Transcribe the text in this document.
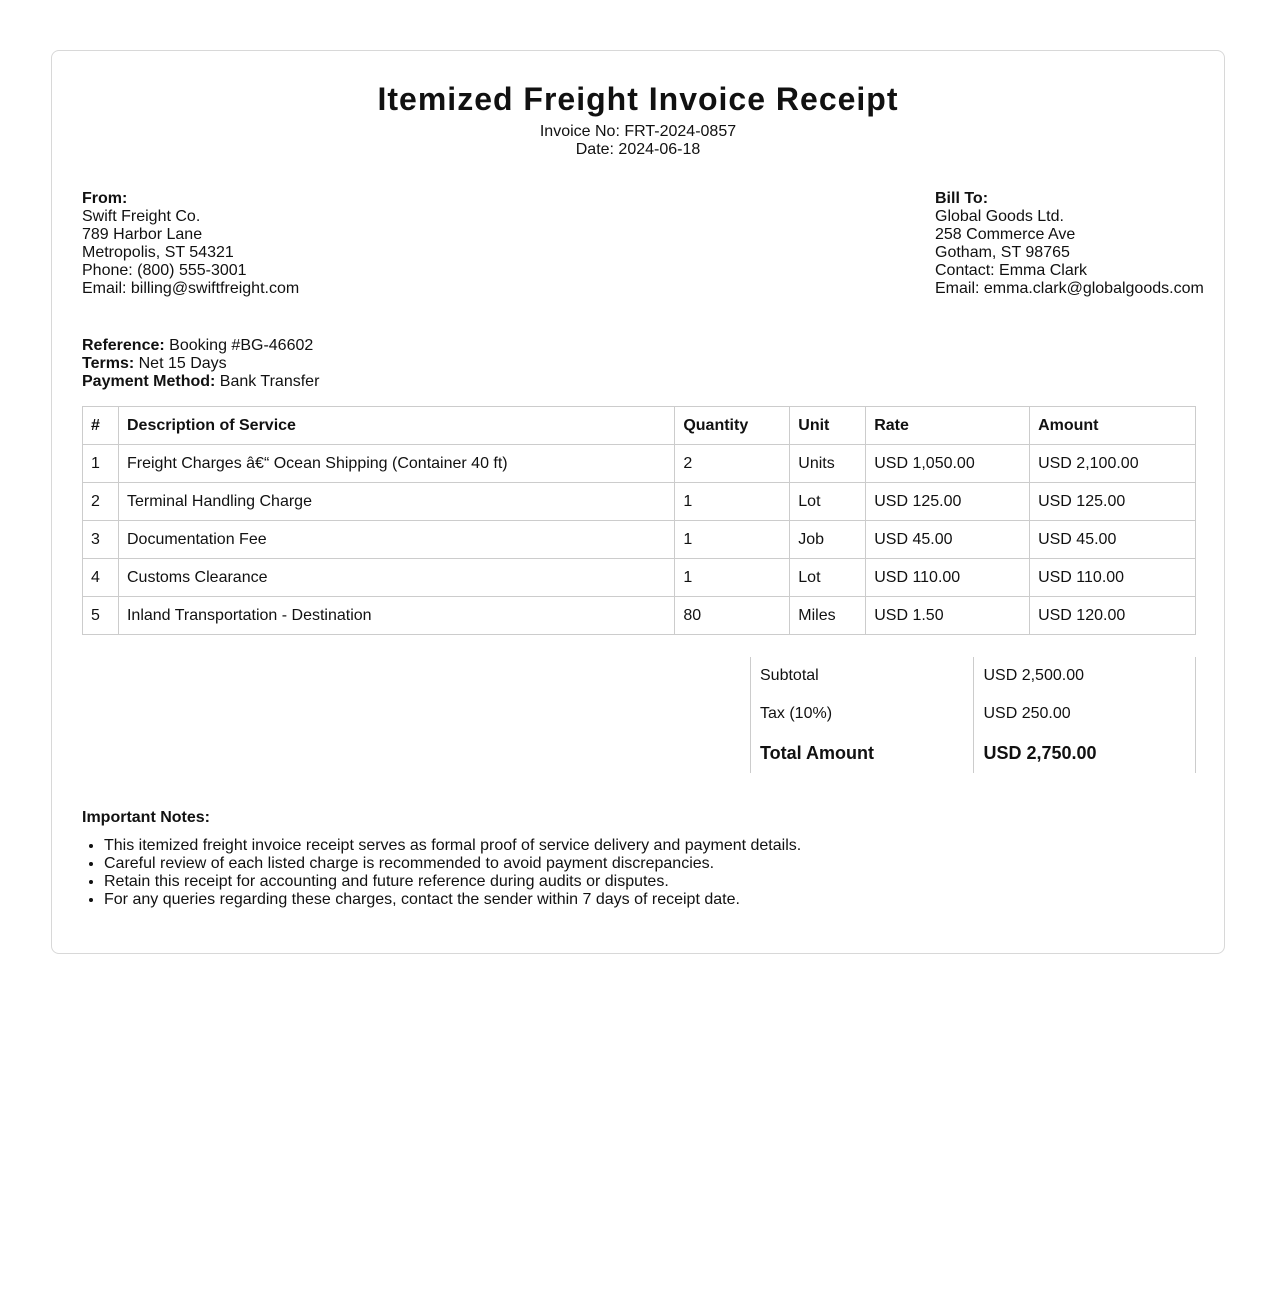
Itemized Freight Invoice Receipt
Invoice No: FRT-2024-0857
Date: 2024-06-18
From:
Swift Freight Co.
789 Harbor Lane
Metropolis, ST 54321
Phone: (800) 555-3001
Email: billing@swiftfreight.com
Bill To:
Global Goods Ltd.
258 Commerce Ave
Gotham, ST 98765
Contact: Emma Clark
Email: emma.clark@globalgoods.com
Reference: Booking #BG-46602
Terms: Net 15 Days
Payment Method: Bank Transfer
#	Description of Service	Quantity	Unit	Rate	Amount
1	Freight Charges â€“ Ocean Shipping (Container 40 ft)	2	Units	USD 1,050.00	USD 2,100.00
2	Terminal Handling Charge	1	Lot	USD 125.00	USD 125.00
3	Documentation Fee	1	Job	USD 45.00	USD 45.00
4	Customs Clearance	1	Lot	USD 110.00	USD 110.00
5	Inland Transportation - Destination	80	Miles	USD 1.50	USD 120.00
Subtotal	USD 2,500.00
Tax (10%)	USD 250.00
Total Amount	USD 2,750.00
Important Notes:
• This itemized freight invoice receipt serves as formal proof of service delivery and payment details.
• Careful review of each listed charge is recommended to avoid payment discrepancies.
• Retain this receipt for accounting and future reference during audits or disputes.
• For any queries regarding these charges, contact the sender within 7 days of receipt date.
